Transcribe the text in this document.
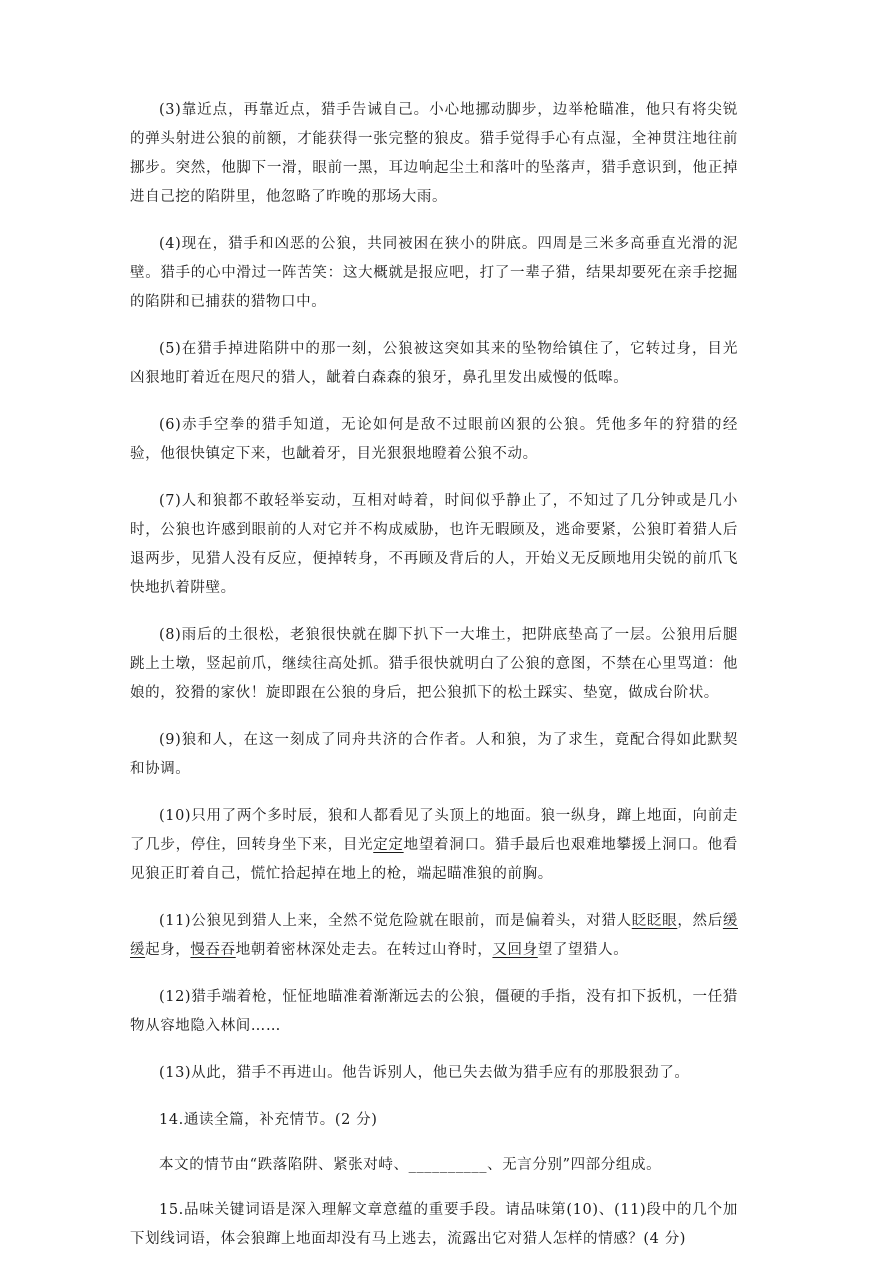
(3)靠近点，再靠近点，猎手告诫自己。小心地挪动脚步，边举枪瞄准，他只有将尖锐的弹头射进公狼的前额，才能获得一张完整的狼皮。猎手觉得手心有点湿，全神贯注地往前挪步。突然，他脚下一滑，眼前一黑，耳边响起尘土和落叶的坠落声，猎手意识到，他正掉进自己挖的陷阱里，他忽略了昨晚的那场大雨。

(4)现在，猎手和凶恶的公狼，共同被困在狭小的阱底。四周是三米多高垂直光滑的泥壁。猎手的心中滑过一阵苦笑：这大概就是报应吧，打了一辈子猎，结果却要死在亲手挖掘的陷阱和已捕获的猎物口中。

(5)在猎手掉进陷阱中的那一刻，公狼被这突如其来的坠物给镇住了，它转过身，目光凶狠地盯着近在咫尺的猎人，龇着白森森的狼牙，鼻孔里发出威慢的低嗥。

(6)赤手空拳的猎手知道，无论如何是敌不过眼前凶狠的公狼。凭他多年的狩猎的经验，他很快镇定下来，也龇着牙，目光狠狠地瞪着公狼不动。

(7)人和狼都不敢轻举妄动，互相对峙着，时间似乎静止了，不知过了几分钟或是几小时，公狼也许感到眼前的人对它并不构成威胁，也许无暇顾及，逃命要紧，公狼盯着猎人后退两步，见猎人没有反应，便掉转身，不再顾及背后的人，开始义无反顾地用尖锐的前爪飞快地扒着阱壁。

(8)雨后的土很松，老狼很快就在脚下扒下一大堆土，把阱底垫高了一层。公狼用后腿跳上土墩，竖起前爪，继续往高处抓。猎手很快就明白了公狼的意图，不禁在心里骂道：他娘的，狡猾的家伙！旋即跟在公狼的身后，把公狼抓下的松土踩实、垫宽，做成台阶状。

(9)狼和人，在这一刻成了同舟共济的合作者。人和狼，为了求生，竟配合得如此默契和协调。

(10)只用了两个多时辰，狼和人都看见了头顶上的地面。狼一纵身，蹿上地面，向前走了几步，停住，回转身坐下来，目光定定地望着洞口。猎手最后也艰难地攀援上洞口。他看见狼正盯着自己，慌忙拾起掉在地上的枪，端起瞄准狼的前胸。

(11)公狼见到猎人上来，全然不觉危险就在眼前，而是偏着头，对猎人眨眨眼，然后缓缓起身，慢吞吞地朝着密林深处走去。在转过山脊时，又回身望了望猎人。

(12)猎手端着枪，怔怔地瞄准着渐渐远去的公狼，僵硬的手指，没有扣下扳机，一任猎物从容地隐入林间……

(13)从此，猎手不再进山。他告诉别人，他已失去做为猎手应有的那股狠劲了。

14.通读全篇，补充情节。(2 分)

本文的情节由“跌落陷阱、紧张对峙、__________、无言分别”四部分组成。

15.品味关键词语是深入理解文章意蕴的重要手段。请品味第(10)、(11)段中的几个加下划线词语，体会狼蹿上地面却没有马上逃去，流露出它对猎人怎样的情感？(4 分)
